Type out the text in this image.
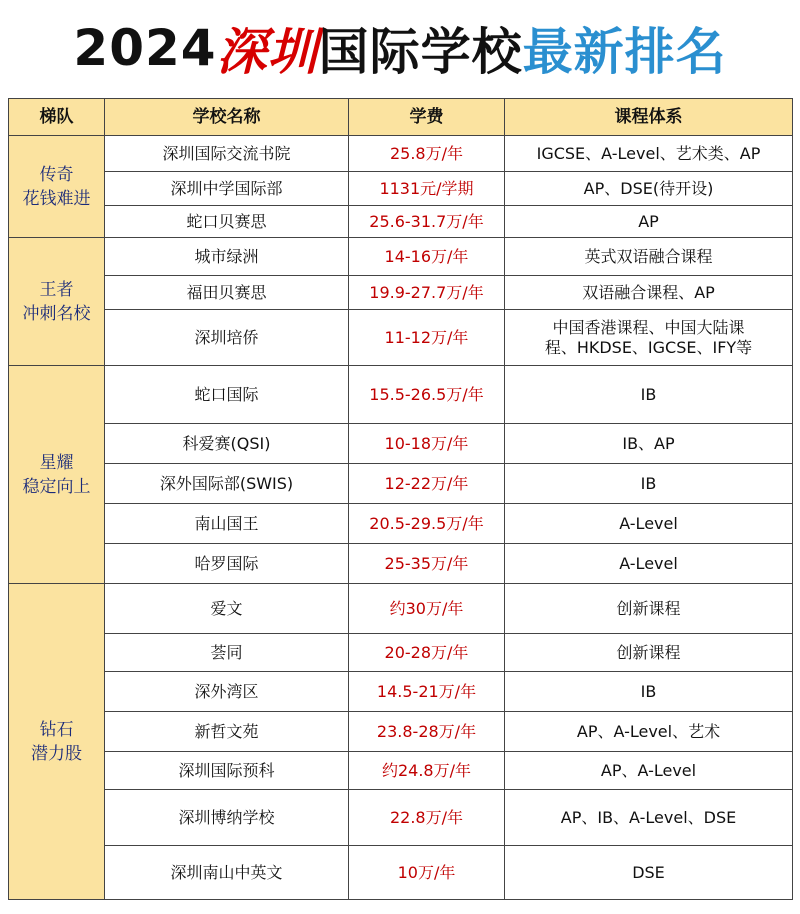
2024 深圳 国际学校 最新排名
梯队	学校名称	学费	课程体系

传奇
花钱难进	深圳国际交流书院	25.8万/年	IGCSE、A-Level、艺术类、AP
	深圳中学国际部	1131元/学期	AP、DSE(待开设)
	蛇口贝赛思	25.6-31.7万/年	AP

王者
冲刺名校	城市绿洲	14-16万/年	英式双语融合课程
	福田贝赛思	19.9-27.7万/年	双语融合课程、AP
	深圳培侨	11-12万/年	中国香港课程、中国大陆课
程、HKDSE、IGCSE、IFY等

星耀
稳定向上	蛇口国际	15.5-26.5万/年	IB
	科爱赛(QSI)	10-18万/年	IB、AP
	深外国际部(SWIS)	12-22万/年	IB
	南山国王	20.5-29.5万/年	A-Level
	哈罗国际	25-35万/年	A-Level

钻石
潜力股	爱文	约30万/年	创新课程
	荟同	20-28万/年	创新课程
	深外湾区	14.5-21万/年	IB
	新哲文苑	23.8-28万/年	AP、A-Level、艺术
	深圳国际预科	约24.8万/年	AP、A-Level
	深圳博纳学校	22.8万/年	AP、IB、A-Level、DSE
	深圳南山中英文	10万/年	DSE
